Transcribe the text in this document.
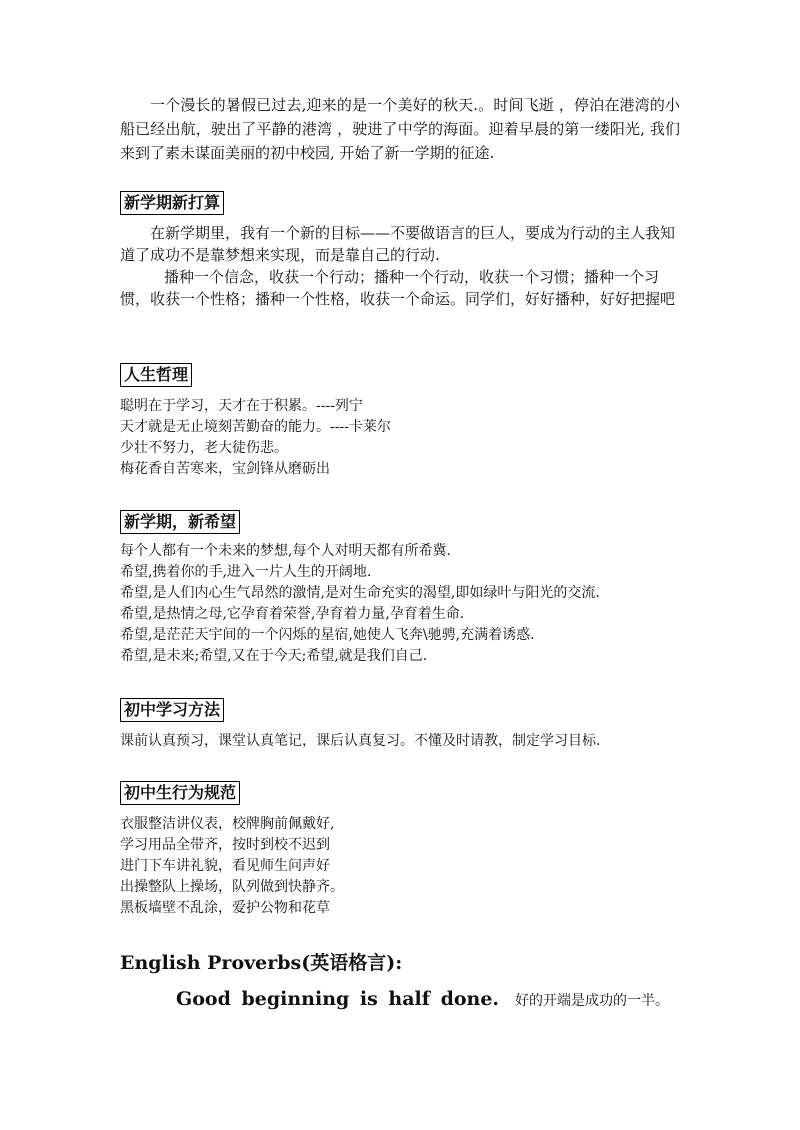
一个漫长的暑假已过去,迎来的是一个美好的秋天.。时间飞逝 ，停泊在港湾的小船已经出航，驶出了平静的港湾 ，驶进了中学的海面。迎着早晨的第一缕阳光, 我们来到了素未谋面美丽的初中校园, 开始了新一学期的征途.

新学期新打算

在新学期里，我有一个新的目标——不要做语言的巨人，要成为行动的主人我知道了成功不是靠梦想来实现，而是靠自己的行动.

播种一个信念，收获一个行动；播种一个行动，收获一个习惯；播种一个习惯，收获一个性格；播种一个性格，收获一个命运。同学们，好好播种，好好把握吧

人生哲理
聪明在于学习，天才在于积累。----列宁
天才就是无止境刻苦勤奋的能力。----卡莱尔
少壮不努力，老大徒伤悲。
梅花香自苦寒来，宝剑锋从磨砺出
新学期，新希望
每个人都有一个未来的梦想,每个人对明天都有所希冀.
希望,携着你的手,进入一片人生的开阔地.
希望,是人们内心生气昂然的激情,是对生命充实的渴望,即如绿叶与阳光的交流.
希望,是热情之母,它孕育着荣誉,孕育着力量,孕育着生命.
希望,是茫茫天宇间的一个闪烁的星宿,她使人飞奔\驰骋,充满着诱惑.
希望,是未来;希望,又在于今天;希望,就是我们自己.
初中学习方法
课前认真预习，课堂认真笔记，课后认真复习。不懂及时请教，制定学习目标.
初中生行为规范
衣服整洁讲仪表，校牌胸前佩戴好,
学习用品全带齐，按时到校不迟到
进门下车讲礼貌，看见师生问声好
出操整队上操场，队列做到快静齐。
黑板墙壁不乱涂，爱护公物和花草
English Proverbs(英语格言):

Good beginning is half done. 好的开端是成功的一半。
